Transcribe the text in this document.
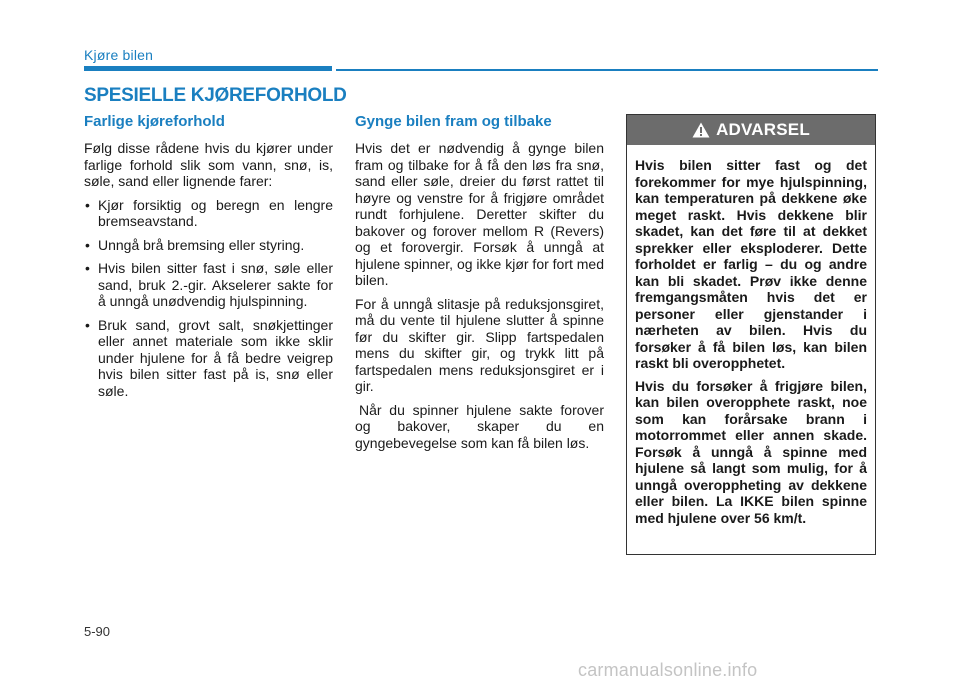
Kjøre bilen
SPESIELLE KJØREFORHOLD
Farlige kjøreforhold

Følg disse rådene hvis du kjører under farlige forhold slik som vann, snø, is, søle, sand eller lignende farer:

• Kjør forsiktig og beregn en lengre bremseavstand.
• Unngå brå bremsing eller styring.
• Hvis bilen sitter fast i snø, søle eller sand, bruk 2.-gir. Akselerer sakte for å unngå unødvendig hjulspinning.
• Bruk sand, grovt salt, snøkjettinger eller annet materiale som ikke sklir under hjulene for å få bedre veigrep hvis bilen sitter fast på is, snø eller søle.
Gynge bilen fram og tilbake

Hvis det er nødvendig å gynge bilen fram og tilbake for å få den løs fra snø, sand eller søle, dreier du først rattet til høyre og venstre for å frigjøre området rundt forhjulene. Deretter skifter du bakover og forover mellom R (Revers) og et forovergir. Forsøk å unngå at hjulene spinner, og ikke kjør for fort med bilen.

For å unngå slitasje på reduksjonsgiret, må du vente til hjulene slutter å spinne før du skifter gir. Slipp fartspedalen mens du skifter gir, og trykk litt på fartspedalen mens reduksjonsgiret er i gir.

Når du spinner hjulene sakte forover og bakover, skaper du en gyngebevegelse som kan få bilen løs.

ADVARSEL

Hvis bilen sitter fast og det forekommer for mye hjulspinning, kan temperaturen på dekkene øke meget raskt. Hvis dekkene blir skadet, kan det føre til at dekket sprekker eller eksploderer. Dette forholdet er farlig – du og andre kan bli skadet. Prøv ikke denne fremgangsmåten hvis det er personer eller gjenstander i nærheten av bilen. Hvis du forsøker å få bilen løs, kan bilen raskt bli overopphetet.

Hvis du forsøker å frigjøre bilen, kan bilen overopphete raskt, noe som kan forårsake brann i motorrommet eller annen skade. Forsøk å unngå å spinne med hjulene så langt som mulig, for å unngå overoppheting av dekkene eller bilen. La IKKE bilen spinne med hjulene over 56 km/t.

5-90
carmanualsonline.info
